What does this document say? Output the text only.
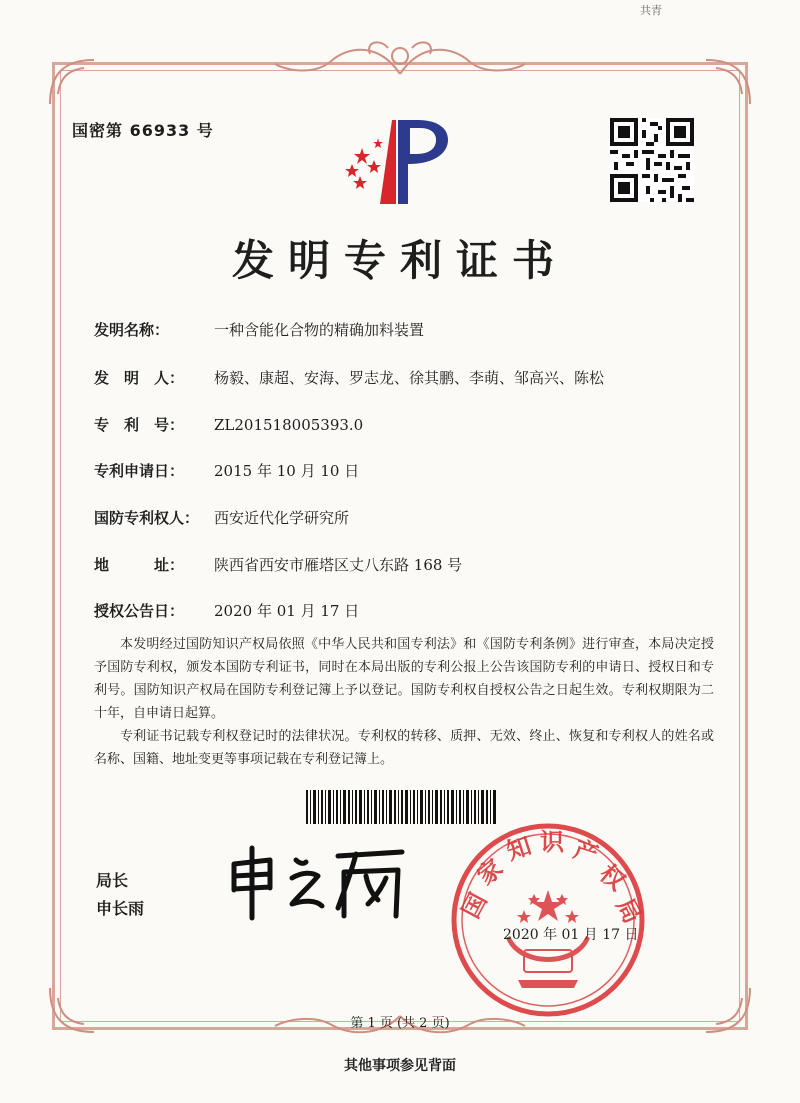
共青
国密第 66933 号
发明专利证书
发明名称：	一种含能化合物的精确加料装置
发　明　人：	杨毅、康超、安海、罗志龙、徐其鹏、李萌、邹高兴、陈松
专　利　号：	ZL201518005393.0
专利申请日：	2015 年 10 月 10 日
国防专利权人： 西安近代化学研究所
地　　　址：	陕西省西安市雁塔区丈八东路 168 号
授权公告日：	2020 年 01 月 17 日
本发明经过国防知识产权局依照《中华人民共和国专利法》和《国防专利条例》进行审查，本局决定授予国防专利权，颁发本国防专利证书，同时在本局出版的专利公报上公告该国防专利的申请日、授权日和专利号。国防知识产权局在国防专利登记簿上予以登记。国防专利权自授权公告之日起生效。专利权期限为二十年，自申请日起算。
专利证书记载专利权登记时的法律状况。专利权的转移、质押、无效、终止、恢复和专利权人的姓名或名称、国籍、地址变更等事项记载在专利登记簿上。
局长
申长雨	国
家
知 识 产
权
局
2020 年 01 月 17 日
第 1 页 (共 2 页)
其他事项参见背面
